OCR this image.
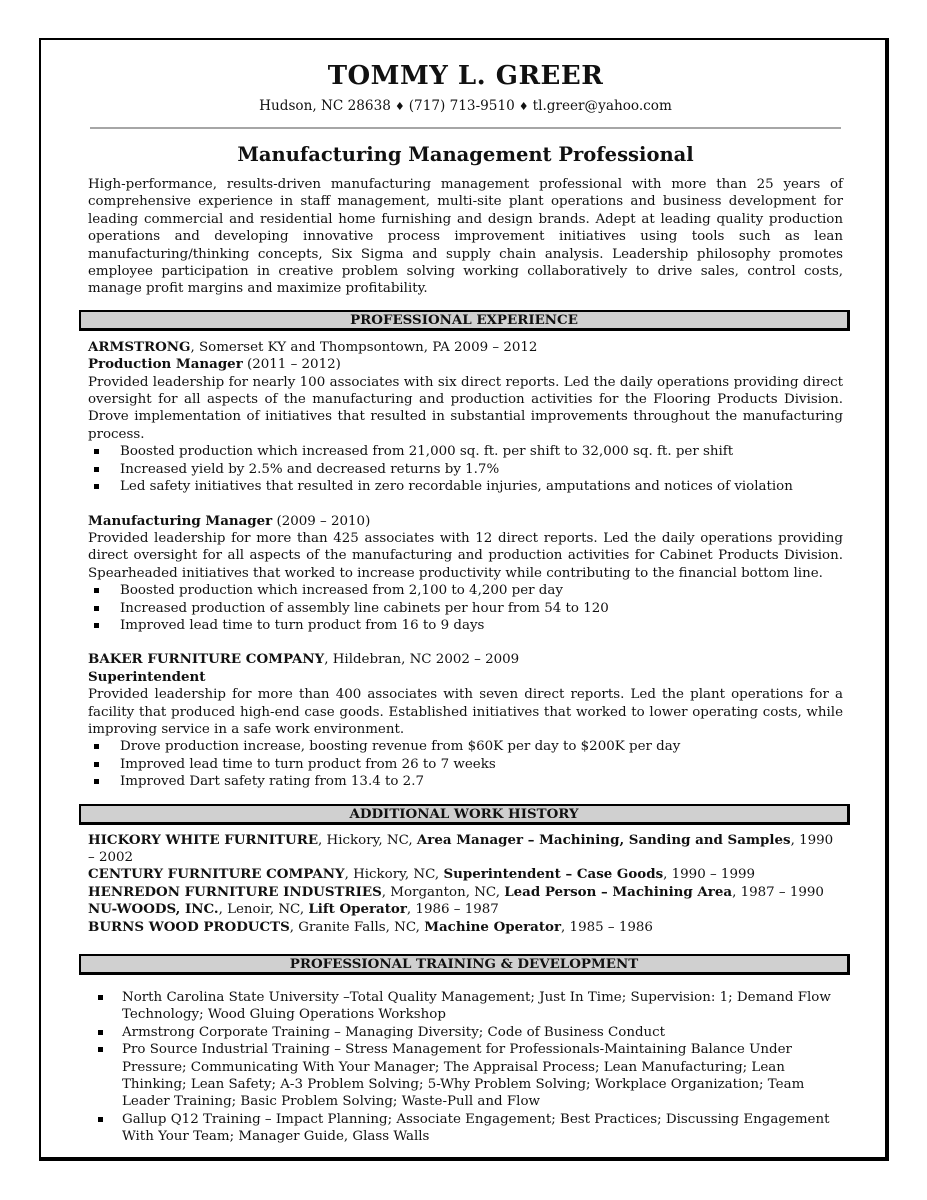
TOMMY L. GREER
Hudson, NC 28638 ♦ (717) 713-9510 ♦ tl.greer@yahoo.com
Manufacturing Management Professional
High-performance, results-driven manufacturing management professional with more than 25 years of comprehensive experience in staff management, multi-site plant operations and business development for leading commercial and residential home furnishing and design brands. Adept at leading quality production operations and developing innovative process improvement initiatives using tools such as lean manufacturing/thinking concepts, Six Sigma and supply chain analysis. Leadership philosophy promotes employee participation in creative problem solving working collaboratively to drive sales, control costs, manage profit margins and maximize profitability.
PROFESSIONAL EXPERIENCE
ARMSTRONG, Somerset KY and Thompsontown, PA 2009 – 2012
Production Manager (2011 – 2012)
Provided leadership for nearly 100 associates with six direct reports. Led the daily operations providing direct oversight for all aspects of the manufacturing and production activities for the Flooring Products Division. Drove implementation of initiatives that resulted in substantial improvements throughout the manufacturing process.
Boosted production which increased from 21,000 sq. ft. per shift to 32,000 sq. ft. per shift
Increased yield by 2.5% and decreased returns by 1.7%
Led safety initiatives that resulted in zero recordable injuries, amputations and notices of violation
Manufacturing Manager (2009 – 2010)
Provided leadership for more than 425 associates with 12 direct reports. Led the daily operations providing direct oversight for all aspects of the manufacturing and production activities for Cabinet Products Division. Spearheaded initiatives that worked to increase productivity while contributing to the financial bottom line.
Boosted production which increased from 2,100 to 4,200 per day
Increased production of assembly line cabinets per hour from 54 to 120
Improved lead time to turn product from 16 to 9 days
BAKER FURNITURE COMPANY, Hildebran, NC 2002 – 2009
Superintendent
Provided leadership for more than 400 associates with seven direct reports. Led the plant operations for a facility that produced high-end case goods. Established initiatives that worked to lower operating costs, while improving service in a safe work environment.
Drove production increase, boosting revenue from $60K per day to $200K per day
Improved lead time to turn product from 26 to 7 weeks
Improved Dart safety rating from 13.4 to 2.7
ADDITIONAL WORK HISTORY
HICKORY WHITE FURNITURE, Hickory, NC, Area Manager – Machining, Sanding and Samples, 1990 – 2002
CENTURY FURNITURE COMPANY, Hickory, NC, Superintendent – Case Goods, 1990 – 1999
HENREDON FURNITURE INDUSTRIES, Morganton, NC, Lead Person – Machining Area, 1987 – 1990
NU-WOODS, INC., Lenoir, NC, Lift Operator, 1986 – 1987
BURNS WOOD PRODUCTS, Granite Falls, NC, Machine Operator, 1985 – 1986
PROFESSIONAL TRAINING & DEVELOPMENT
North Carolina State University –Total Quality Management; Just In Time; Supervision: 1; Demand Flow Technology; Wood Gluing Operations Workshop
Armstrong Corporate Training – Managing Diversity; Code of Business Conduct
Pro Source Industrial Training – Stress Management for Professionals-Maintaining Balance Under Pressure; Communicating With Your Manager; The Appraisal Process; Lean Manufacturing; Lean Thinking; Lean Safety; A-3 Problem Solving; 5-Why Problem Solving; Workplace Organization; Team Leader Training; Basic Problem Solving; Waste-Pull and Flow
Gallup Q12 Training – Impact Planning; Associate Engagement; Best Practices; Discussing Engagement With Your Team; Manager Guide, Glass Walls
